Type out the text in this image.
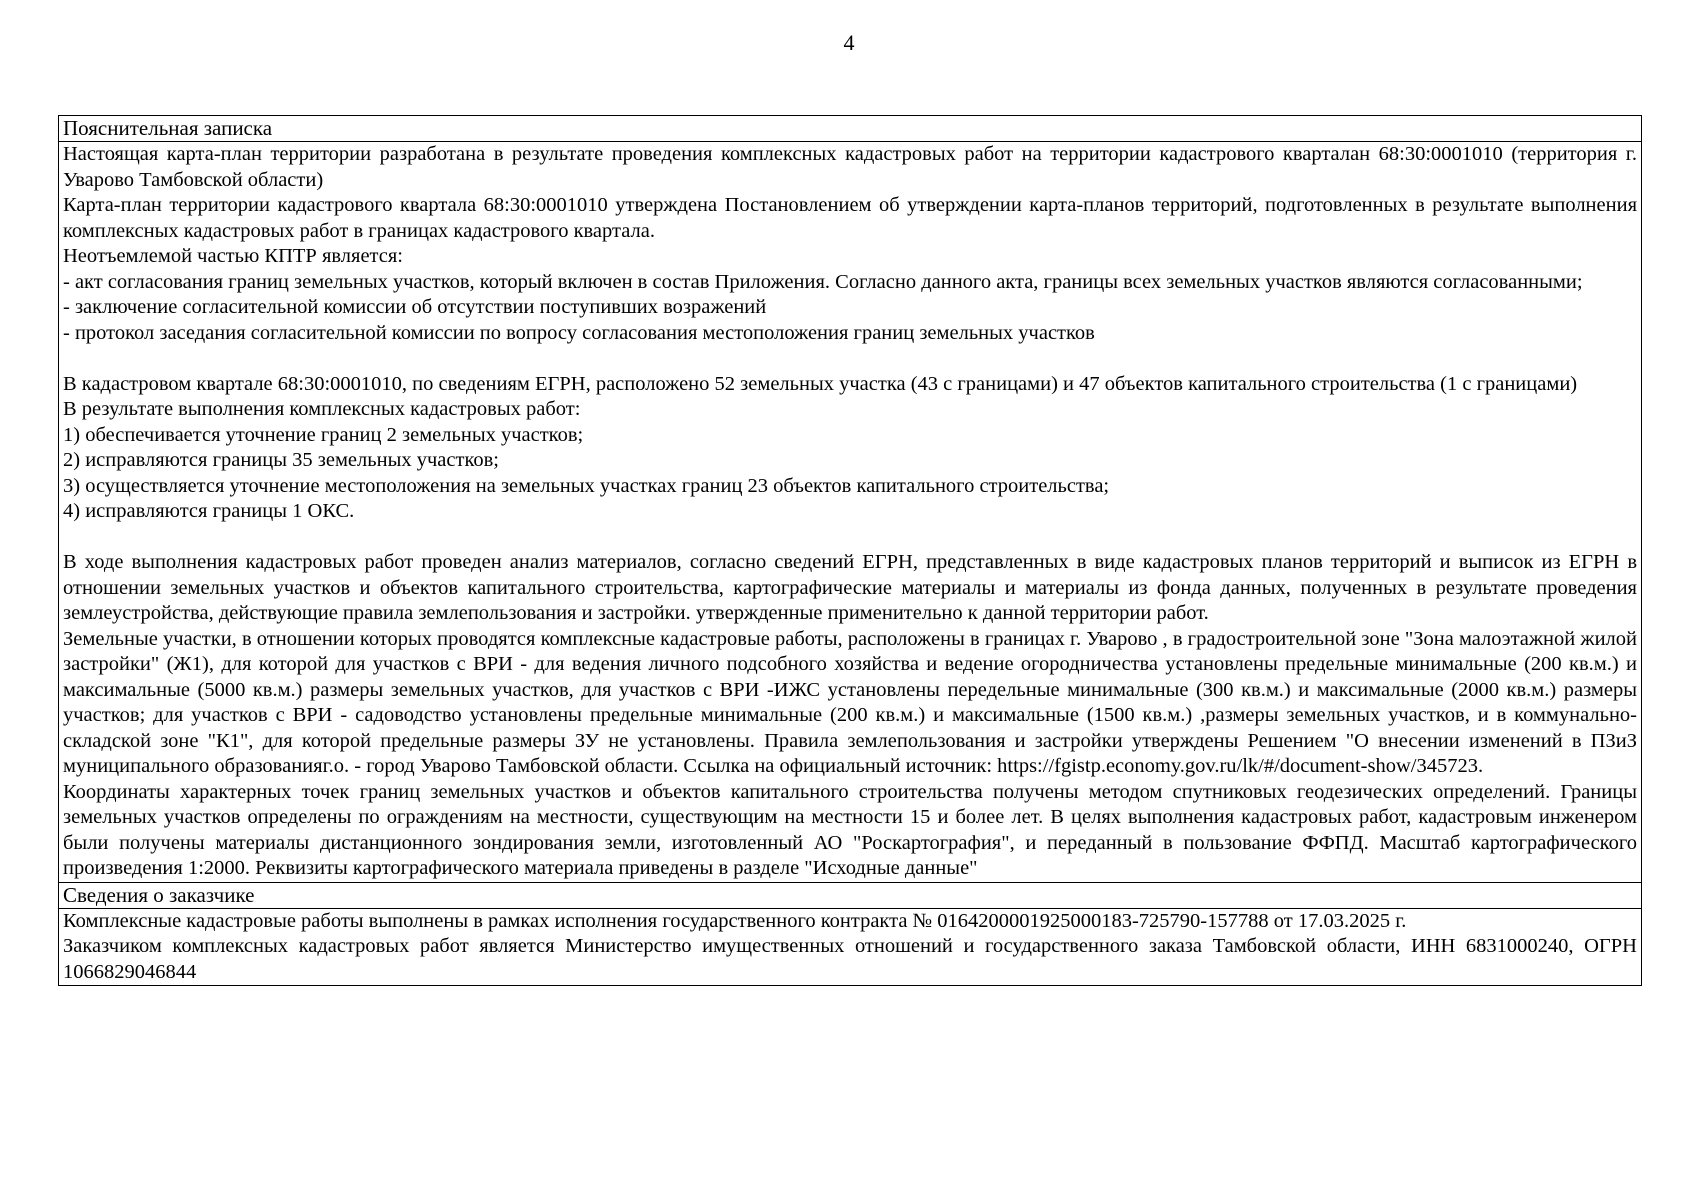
4
Пояснительная записка

Настоящая карта-план территории разработана в результате проведения комплексных кадастровых работ на территории кадастрового кварталан 68:30:0001010 (территория г. Уварово Тамбовской области)

Карта-план территории кадастрового квартала 68:30:0001010 утверждена Постановлением об утверждении карта-планов территорий, подготовленных в результате выполнения комплексных кадастровых работ в границах кадастрового квартала.

Неотъемлемой частью КПТР является:

- акт согласования границ земельных участков, который включен в состав Приложения. Согласно данного акта, границы всех земельных участков являются согласованными;

- заключение согласительной комиссии об отсутствии поступивших возражений

- протокол заседания согласительной комиссии по вопросу согласования местоположения границ земельных участков

В кадастровом квартале 68:30:0001010, по сведениям ЕГРН, расположено 52 земельных участка (43 с границами) и 47 объектов капитального строительства (1 с границами)

В результате выполнения комплексных кадастровых работ:

1) обеспечивается уточнение границ 2 земельных участков;

2) исправляются границы 35 земельных участков;

3) осуществляется уточнение местоположения на земельных участках границ 23 объектов капитального строительства;

4) исправляются границы 1 ОКС.

В ходе выполнения кадастровых работ проведен анализ материалов, согласно сведений ЕГРН, представленных в виде кадастровых планов территорий и выписок из ЕГРН в отношении земельных участков и объектов капитального строительства, картографические материалы и материалы из фонда данных, полученных в результате проведения землеустройства, действующие правила землепользования и застройки. утвержденные применительно к данной территории работ.

Земельные участки, в отношении которых проводятся комплексные кадастровые работы, расположены в границах г. Уварово , в градостроительной зоне "Зона малоэтажной жилой застройки" (Ж1), для которой для участков с ВРИ - для ведения личного подсобного хозяйства и ведение огородничества установлены предельные минимальные (200 кв.м.) и максимальные (5000 кв.м.) размеры земельных участков, для участков с ВРИ -ИЖС установлены передельные минимальные (300 кв.м.) и максимальные (2000 кв.м.) размеры участков; для участков с ВРИ - садоводство установлены предельные минимальные (200 кв.м.) и максимальные (1500 кв.м.) ,размеры земельных участков, и в коммунально-складской зоне "К1", для которой предельные размеры ЗУ не установлены. Правила землепользования и застройки утверждены Решением "О внесении изменений в ПЗиЗ муниципального образованияг.о. - город Уварово Тамбовской области. Ссылка на официальный источник: https://fgistp.economy.gov.ru/lk/#/document-show/345723.

Координаты характерных точек границ земельных участков и объектов капитального строительства получены методом спутниковых геодезических определений. Границы земельных участков определены по ограждениям на местности, существующим на местности 15 и более лет. В целях выполнения кадастровых работ, кадастровым инженером были получены материалы дистанционного зондирования земли, изготовленный АО "Роскартография", и переданный в пользование ФФПД. Масштаб картографического произведения 1:2000. Реквизиты картографического материала приведены в разделе "Исходные данные"

Сведения о заказчике

Комплексные кадастровые работы выполнены в рамках исполнения государственного контракта № 0164200001925000183-725790-157788 от 17.03.2025 г.

Заказчиком комплексных кадастровых работ является Министерство имущественных отношений и государственного заказа Тамбовской области, ИНН 6831000240, ОГРН 1066829046844
